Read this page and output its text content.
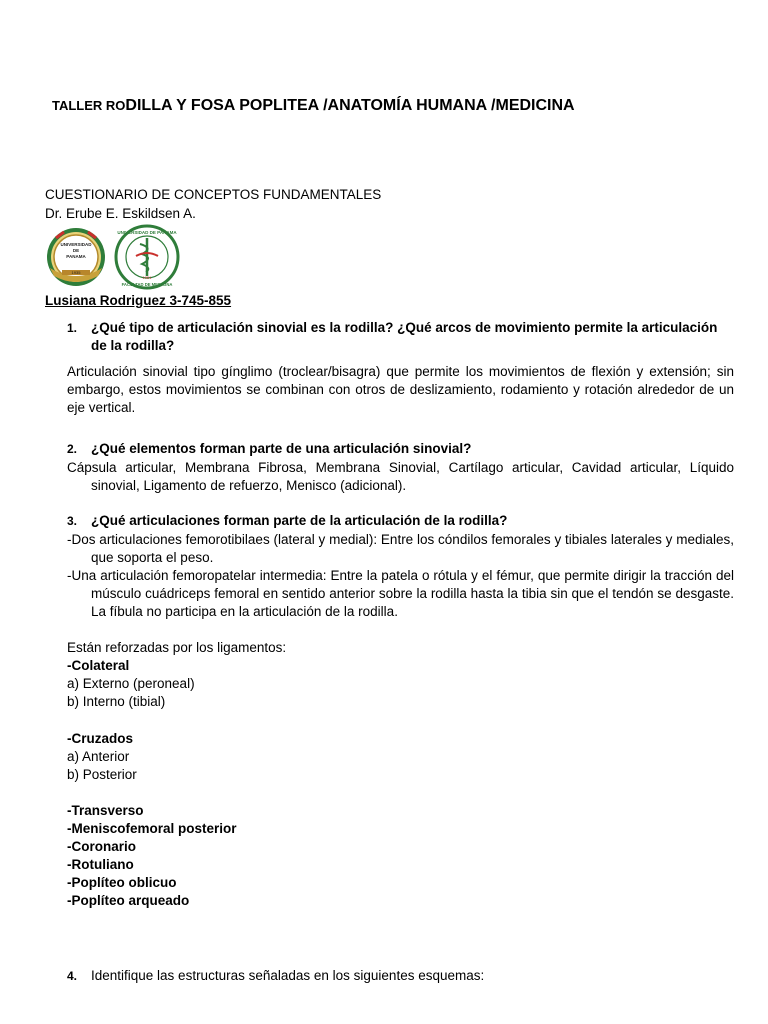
TALLER RODILLA Y FOSA POPLITEA /ANATOMÍA HUMANA /MEDICINA
CUESTIONARIO DE CONCEPTOS FUNDAMENTALES
Dr. Erube E. Eskildsen A.
UNIVERSIDAD
DE
PANAMA
1935

UNIVERSIDAD DE PANAMA
FACULTAD DE MEDICINA
1951
Lusiana Rodriguez 3-745-855
1. ¿Qué tipo de articulación sinovial es la rodilla? ¿Qué arcos de movimiento permite la articulación de la rodilla?
Articulación sinovial tipo gínglimo (troclear/bisagra) que permite los movimientos de flexión y extensión; sin embargo, estos movimientos se combinan con otros de deslizamiento, rodamiento y rotación alrededor de un eje vertical.
2. ¿Qué elementos forman parte de una articulación sinovial?
Cápsula articular, Membrana Fibrosa, Membrana Sinovial, Cartílago articular, Cavidad articular, Líquido sinovial, Ligamento de refuerzo, Menisco (adicional).
3. ¿Qué articulaciones forman parte de la articulación de la rodilla?
-Dos articulaciones femorotibilaes (lateral y medial): Entre los cóndilos femorales y tibiales laterales y mediales, que soporta el peso.
-Una articulación femoropatelar intermedia: Entre la patela o rótula y el fémur, que permite dirigir la tracción del músculo cuádriceps femoral en sentido anterior sobre la rodilla hasta la tibia sin que el tendón se desgaste. La fíbula no participa en la articulación de la rodilla.
Están reforzadas por los ligamentos:
-Colateral
a) Externo (peroneal)
b) Interno (tibial)
-Cruzados
a) Anterior
b) Posterior
-Transverso
-Meniscofemoral posterior
-Coronario
-Rotuliano
-Poplíteo oblicuo
-Poplíteo arqueado
4. Identifique las estructuras señaladas en los siguientes esquemas:
